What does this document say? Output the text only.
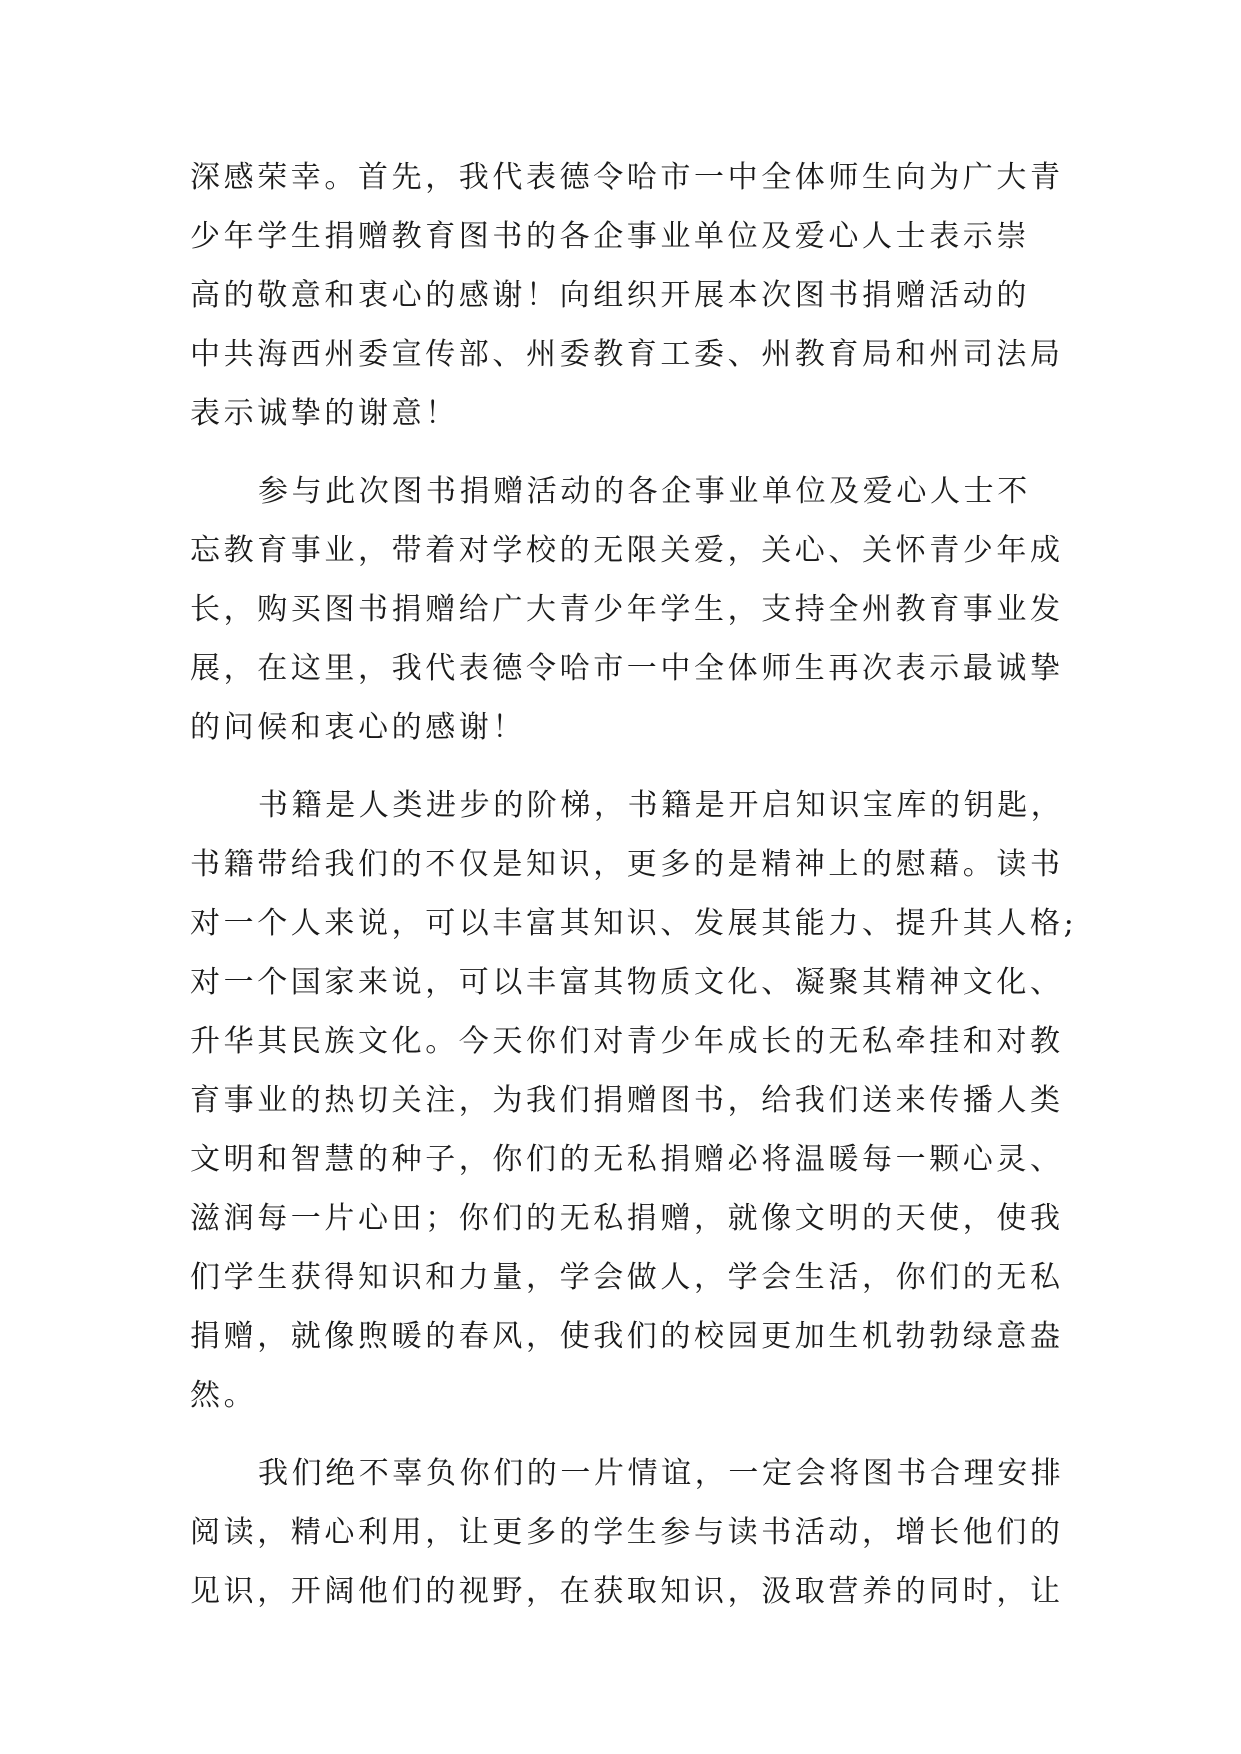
深感荣幸。首先，我代表德令哈市一中全体师生向为广大青
少年学生捐赠教育图书的各企事业单位及爱心人士表示崇
高的敬意和衷心的感谢！向组织开展本次图书捐赠活动的
中共海西州委宣传部、州委教育工委、州教育局和州司法局
表示诚挚的谢意！
参与此次图书捐赠活动的各企事业单位及爱心人士不
忘教育事业，带着对学校的无限关爱，关心、关怀青少年成
长，购买图书捐赠给广大青少年学生，支持全州教育事业发
展，在这里，我代表德令哈市一中全体师生再次表示最诚挚
的问候和衷心的感谢！
书籍是人类进步的阶梯，书籍是开启知识宝库的钥匙，
书籍带给我们的不仅是知识，更多的是精神上的慰藉。读书
对一个人来说，可以丰富其知识、发展其能力、提升其人格;
对一个国家来说，可以丰富其物质文化、凝聚其精神文化、
升华其民族文化。今天你们对青少年成长的无私牵挂和对教
育事业的热切关注，为我们捐赠图书，给我们送来传播人类
文明和智慧的种子，你们的无私捐赠必将温暖每一颗心灵、
滋润每一片心田；你们的无私捐赠，就像文明的天使，使我
们学生获得知识和力量，学会做人，学会生活，你们的无私
捐赠，就像煦暖的春风，使我们的校园更加生机勃勃绿意盎
然。
我们绝不辜负你们的一片情谊，一定会将图书合理安排
阅读，精心利用，让更多的学生参与读书活动，增长他们的
见识，开阔他们的视野，在获取知识，汲取营养的同时，让
